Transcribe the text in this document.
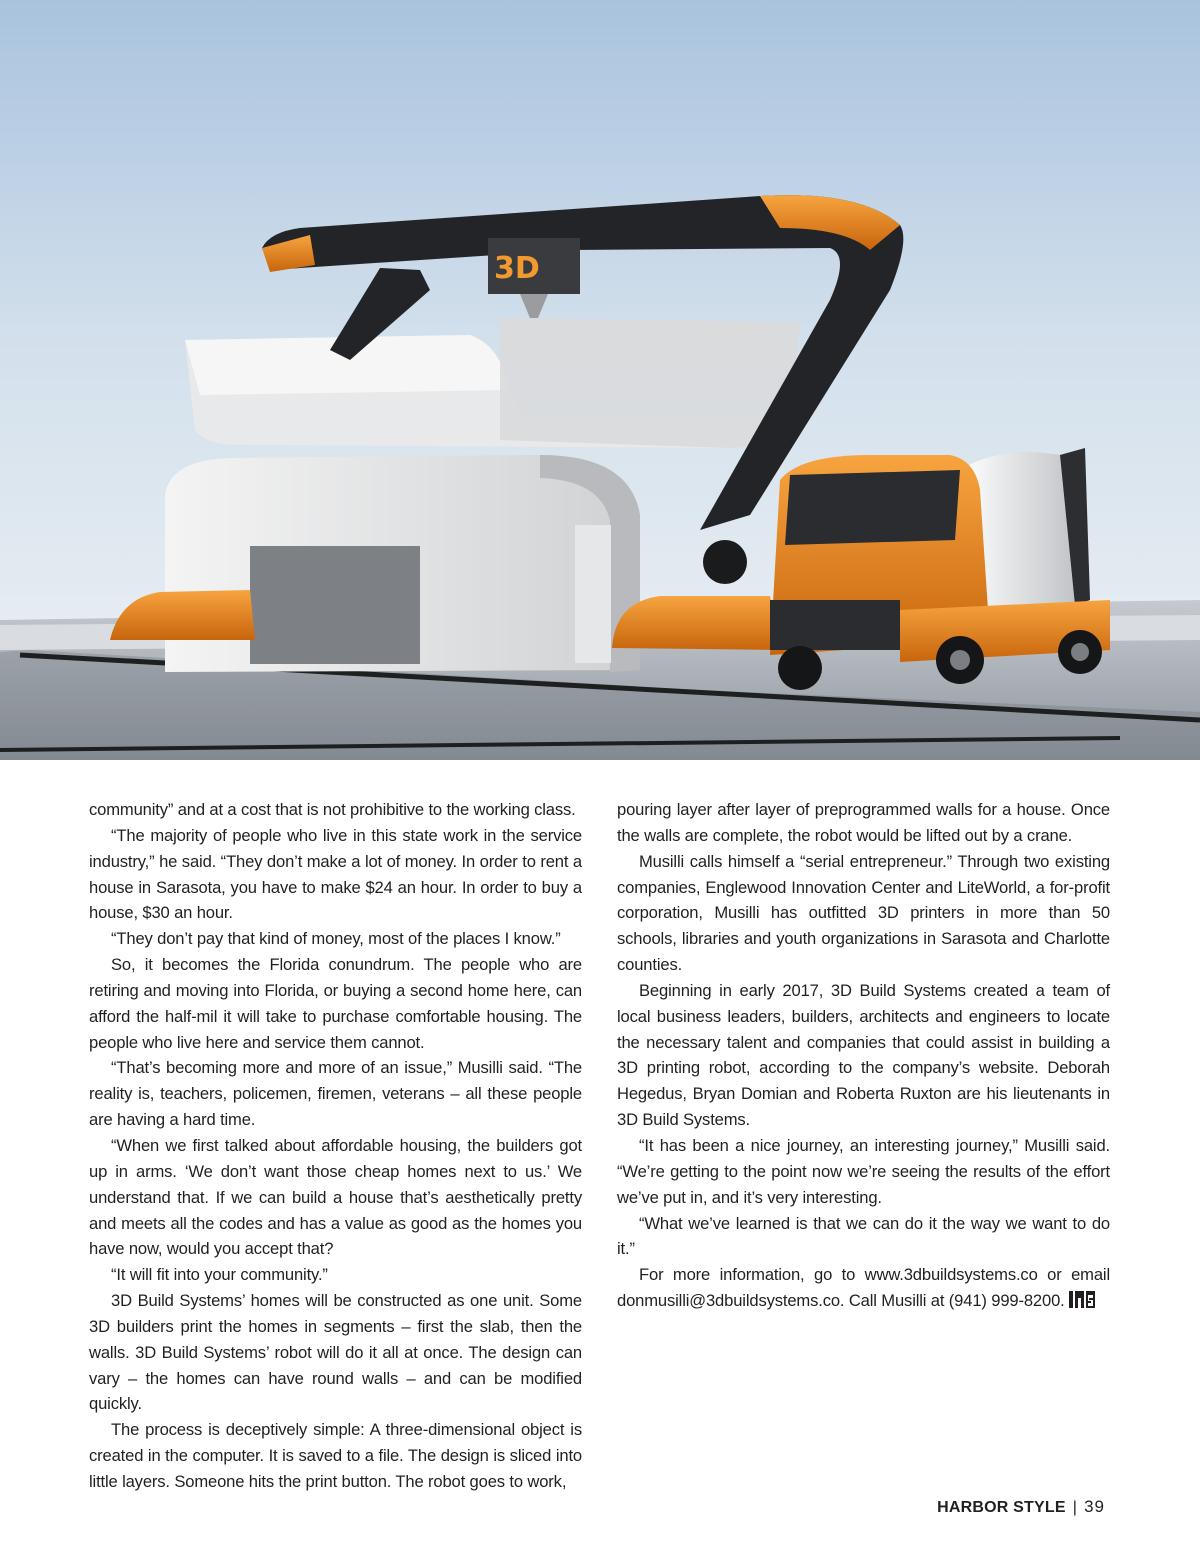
3D

community” and at a cost that is not prohibitive to the working class.

“The majority of people who live in this state work in the service industry,” he said. “They don’t make a lot of money. In order to rent a house in Sarasota, you have to make $24 an hour. In order to buy a house, $30 an hour.

“They don’t pay that kind of money, most of the places I know.”

So, it becomes the Florida conundrum. The people who are retiring and moving into Florida, or buying a second home here, can afford the half-mil it will take to purchase comfortable housing. The people who live here and service them cannot.

“That’s becoming more and more of an issue,” Musilli said. “The reality is, teachers, policemen, firemen, veterans – all these people are having a hard time.

“When we first talked about affordable housing, the builders got up in arms. ‘We don’t want those cheap homes next to us.’ We understand that. If we can build a house that’s aesthetically pretty and meets all the codes and has a value as good as the homes you have now, would you accept that?

“It will fit into your community.”

3D Build Systems’ homes will be constructed as one unit. Some 3D builders print the homes in segments – first the slab, then the walls. 3D Build Systems’ robot will do it all at once. The design can vary – the homes can have round walls – and can be modified quickly.

The process is deceptively simple: A three-dimensional object is created in the computer. It is saved to a file. The design is sliced into little layers. Someone hits the print button. The robot goes to work,

pouring layer after layer of preprogrammed walls for a house. Once the walls are complete, the robot would be lifted out by a crane.

Musilli calls himself a “serial entrepreneur.” Through two existing companies, Englewood Innovation Center and LiteWorld, a for-profit corporation, Musilli has outfitted 3D printers in more than 50 schools, libraries and youth organizations in Sarasota and Charlotte counties.

Beginning in early 2017, 3D Build Systems created a team of local business leaders, builders, architects and engineers to locate the necessary talent and companies that could assist in building a 3D printing robot, according to the company’s website. Deborah Hegedus, Bryan Domian and Roberta Ruxton are his lieutenants in 3D Build Systems.

“It has been a nice journey, an interesting journey,” Musilli said. “We’re getting to the point now we’re seeing the results of the effort we’ve put in, and it’s very interesting.

“What we’ve learned is that we can do it the way we want to do it.”

For more information, go to www.3dbuildsystems.co or email donmusilli@3dbuildsystems.co. Call Musilli at (941) 999-8200.

HARBOR STYLE | 39
